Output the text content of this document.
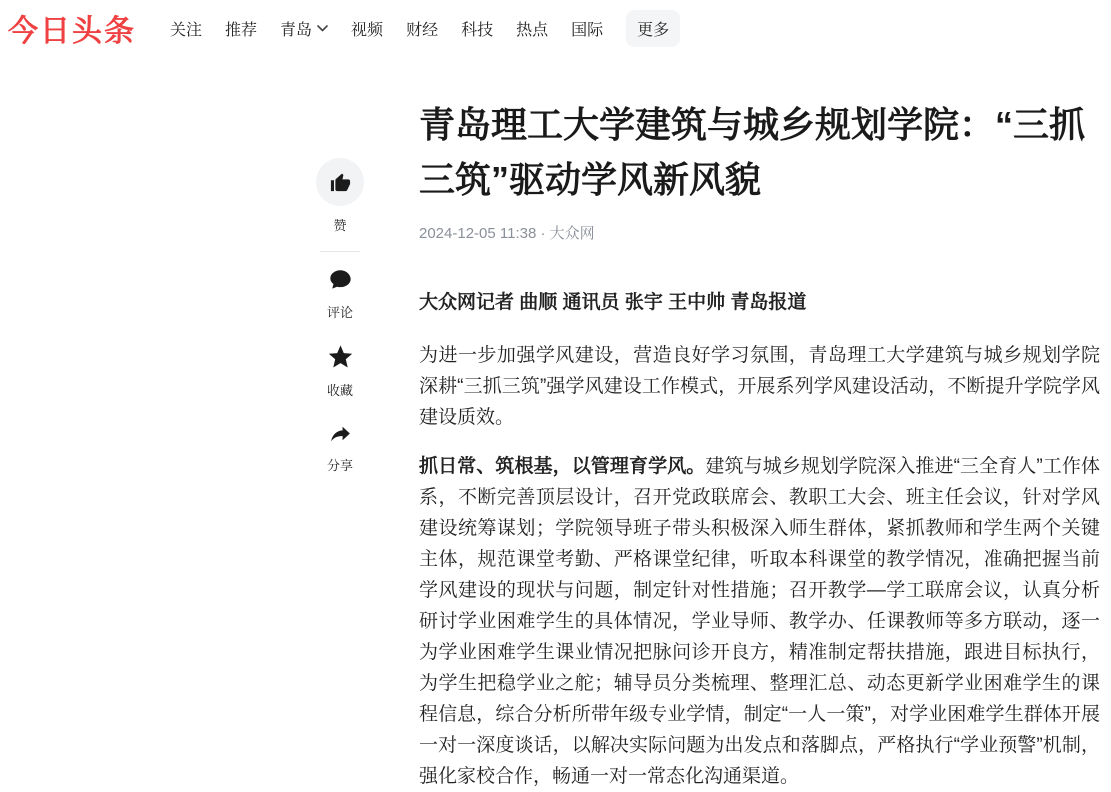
今日头条 关注 推荐 青岛 视频 财经 科技 热点 国际 更多
赞
评论
收藏
分享
青岛理工大学建筑与城乡规划学院：“三抓三筑”驱动学风新风貌
2024-12-05 11:38 · 大众网
大众网记者 曲顺 通讯员 张宇 王中帅 青岛报道

为进一步加强学风建设，营造良好学习氛围，青岛理工大学建筑与城乡规划学院深耕“三抓三筑”强学风建设工作模式，开展系列学风建设活动，不断提升学院学风建设质效。

抓日常、筑根基，以管理育学风。建筑与城乡规划学院深入推进“三全育人”工作体系，不断完善顶层设计，召开党政联席会、教职工大会、班主任会议，针对学风建设统筹谋划；学院领导班子带头积极深入师生群体，紧抓教师和学生两个关键主体，规范课堂考勤、严格课堂纪律，听取本科课堂的教学情况，准确把握当前学风建设的现状与问题，制定针对性措施；召开教学—学工联席会议，认真分析研讨学业困难学生的具体情况，学业导师、教学办、任课教师等多方联动，逐一为学业困难学生课业情况把脉问诊开良方，精准制定帮扶措施，跟进目标执行，为学生把稳学业之舵；辅导员分类梳理、整理汇总、动态更新学业困难学生的课程信息，综合分析所带年级专业学情，制定“一人一策”，对学业困难学生群体开展一对一深度谈话，以解决实际问题为出发点和落脚点，严格执行“学业预警”机制，强化家校合作，畅通一对一常态化沟通渠道。
